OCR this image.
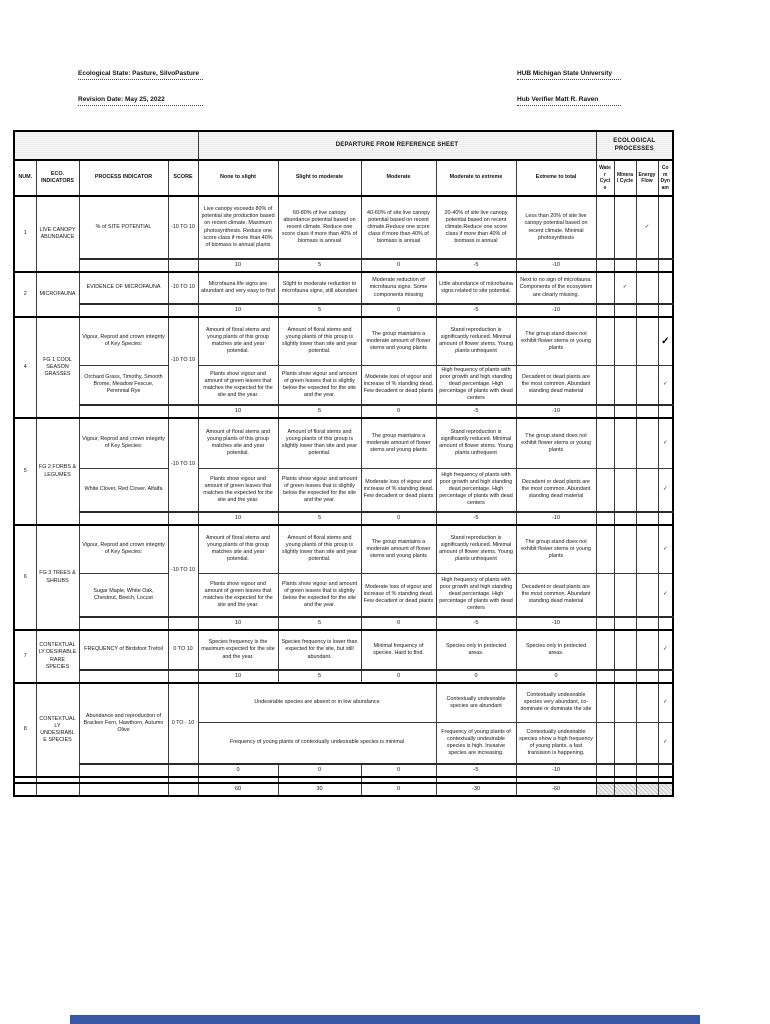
Ecological State: Pasture, SilvoPasture	HUB Michigan State University
Revision Date: May 25, 2022	Hub Verifier Matt R. Raven
				DEPARTURE FROM REFERENCE SHEET					ECOLOGICAL PROCESSES			
NUM.	ECO. INDICATORS	PROCESS INDICATOR	SCORE	None to slight	Slight to moderate	Moderate	Moderate to extreme	Extreme to total	Water Cycle	Mineral Cycle	Energy Flow	Com Dynam
1	LIVE CANOPY ABUNDANCE	% of SITE POTENTIAL	-10 TO 10	Live canopy exceeds 80% of potential site production based on recent climate. Maximum photosynthesis. Reduce one score class if more than 40% of biomass is annual plants	60-80% of live canopy abundance potential based on recent climate. Reduce one score class if more than 40% of biomass is annual	40-60% of site live canopy potential based on recent climate.Reduce one score class if more than 40% of biomass is annual	20-40% of site live canopy potential based on recent climate.Reduce one score class if more than 40% of biomass is annual	Less than 20% of site live canopy potential based on recent climate. Minimal photosynthesis			✓	
				10	5	0	-5	-10				
2	MICROFAUNA	EVIDENCE OF MICROFAUNA	-10 TO 10	Microfauna life signs are abundant and very easy to find	Slight to moderate reduction to microfauna signs, still abundant	Moderate reduction of microfauna signs. Some components missing	Little abundance of microfauna signs related to site potential.	Next to no sign of microfauna. Components of the ecosystem are clearly missing.		✓		
				10	5	0	-5	-10				
4	FG 1 COOL SEASON GRASSES	Vigour, Reprod and crown integrity of Key Species:	-10 TO 10	Amount of floral stems and young plants of this group matches site and year potential.	Amount of floral stems and young plants of this group is slightly lower than site and year potential.	The group maintains a moderate amount of flower stems and young plants	Stand reproduction is significantly reduced. Minimal amount of flower stems. Young plants unfrequent	The group stand does not exhibit flower stems or young plants				✓
		Orchard Grass, Timothy, Smooth Brome, Meadow Fescue, Perennial Rye		Plants show vigour and amount of green leaves that matches the expected for the site and the year.	Plants show vigour and amount of green leaves that is slightly below the expected for the site and the year.	Moderate loss of vigour and increase of % standing dead. Few decadent or dead plants	High frequency of plants with poor growth and high standing dead percentage. High percentage of plants with dead centers	Decadent or dead plants are the most common. Abundant standing dead material				✓
				10	5	0	-5	-10				
5	FG 2 FORBS & LEGUMES	Vigour, Reprod and crown integrity of Key Species:	-10 TO 10	Amount of floral stems and young plants of this group matches site and year potential.	Amount of floral stems and young plants of this group is slightly lower than site and year potential.	The group maintains a moderate amount of flower stems and young plants	Stand reproduction is significantly reduced. Minimal amount of flower stems. Young plants unfrequent	The group stand does not exhibit flower stems or young plants				✓
		White Clover, Red Clover, Alfalfa		Plants show vigour and amount of green leaves that matches the expected for the site and the year.	Plants show vigour and amount of green leaves that is slightly below the expected for the site and the year.	Moderate loss of vigour and increase of % standing dead. Few decadent or dead plants	High frequency of plants with poor growth and high standing dead percentage. High percentage of plants with dead centers	Decadent or dead plants are the most common. Abundant standing dead material				✓
				10	5	0	-5	-10				
6	FG 3 TREES & SHRUBS	Vigour, Reprod and crown integrity of Key Species:	-10 TO 10	Amount of floral stems and young plants of this group matches site and year potential.	Amount of floral stems and young plants of this group is slightly lower than site and year potential.	The group maintains a moderate amount of flower stems and young plants	Stand reproduction is significantly reduced. Minimal amount of flower stems. Young plants unfrequent	The group stand does not exhibit flower stems or young plants				✓
		Sugar Maple, White Oak, Chestnut, Beech, Locust		Plants show vigour and amount of green leaves that matches the expected for the site and the year.	Plants show vigour and amount of green leaves that is slightly below the expected for the site and the year.	Moderate loss of vigour and increase of % standing dead. Few decadent or dead plants	High frequency of plants with poor growth and high standing dead percentage. High percentage of plants with dead centers	Decadent or dead plants are the most common. Abundant standing dead material				✓
				10	5	0	-5	-10				
7	CONTEXTUALLY DESIRABLE RARE SPECIES	FREQUENCY of Birdsfoot Trefoil	0 TO 10	Species frequency is the maximum expected for the site and the year.	Species frequency is lower than expected for the site, but still abundant.	Minimal frequency of species. Hard to find.	Species only in protected areas.	Species only in protected areas.				✓
				10	5	0	0	0				
8	CONTEXTUALLY UNDESIRABLE SPECIES	Abundance and reproduction of Bracken Fern, Hawthorn, Autumn Olive	0 TO - 10	Undesirable species are absent or in low abundance			Contextually undesirable species are abundant	Contextually undesirable species very abundant, co-dominate or dominate the site				✓
				Frequency of young plants of contextually undesirable species is minimal			Frequency of young plants of contextually undesirable species is high. Invasive species are increasing.	Contextually undesirable species show a high frequency of young plants, a fast transision is happening.				✓
				0	0	0	-5	-10				

				60	30	0	-30	-60				
